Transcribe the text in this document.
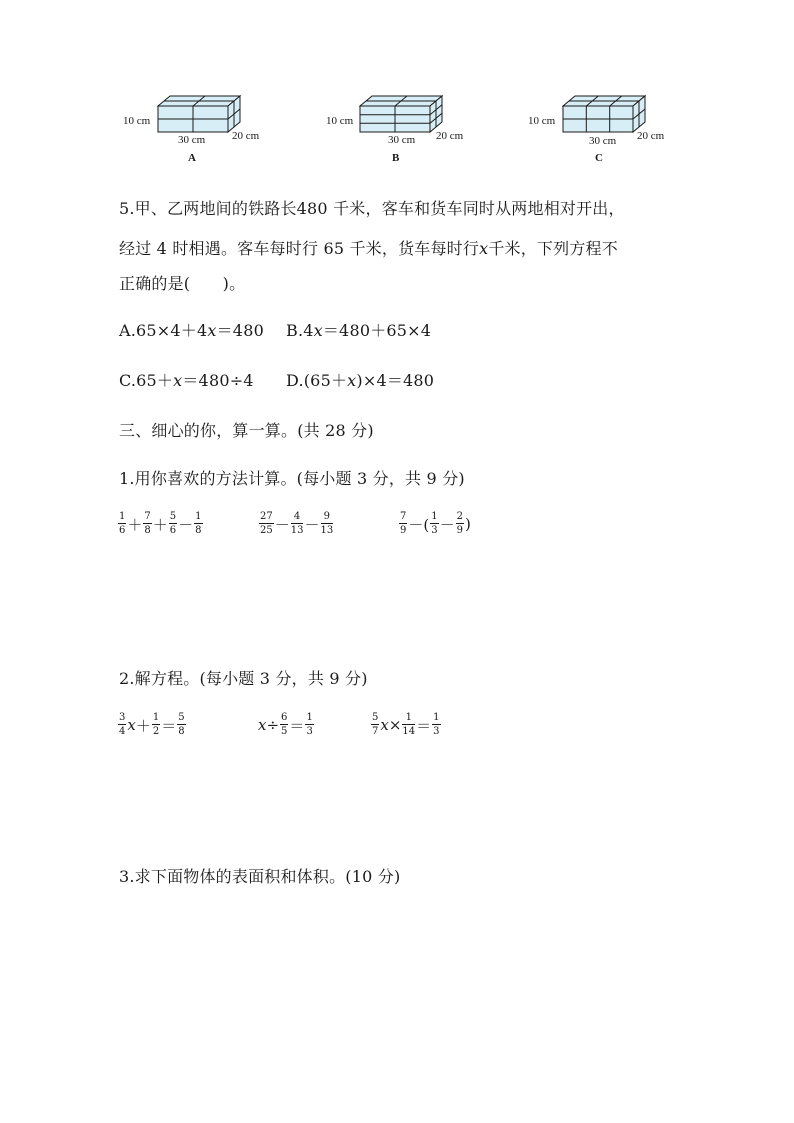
10 cm
30 cm 20 cm
A
10 cm
30 cm 20 cm
B
10 cm
30 cm 20 cm
C
5.甲、乙两地间的铁路长480 千米，客车和货车同时从两地相对开出，
经过 4 时相遇。客车每时行 65 千米，货车每时行x千米，下列方程不
正确的是(　　)。
A.65×4＋4x＝480 B.4x＝480＋65×4
C.65＋x＝480÷4 D.(65＋x)×4＝480
三、细心的你，算一算。(共 28 分)
1.用你喜欢的方法计算。(每小题 3 分，共 9 分)
$\frac{1}{6} + \frac{7}{8} + \frac{5}{6} - \frac{1}{8}$	$\frac{27}{25} - \frac{4}{13} - \frac{9}{13}$	$\frac{7}{9}$ －( $\frac{1}{3} - \frac{2}{9}$ )
2.解方程。(每小题 3 分，共 9 分)
$\frac{3}{4} x+ \frac{1}{2} = \frac{5}{8}$	$x\div \frac{6}{5} = \frac{1}{3}$	$\frac{5}{7} x\times \frac{1}{14} = \frac{1}{3}$
3.求下面物体的表面积和体积。(10 分)
